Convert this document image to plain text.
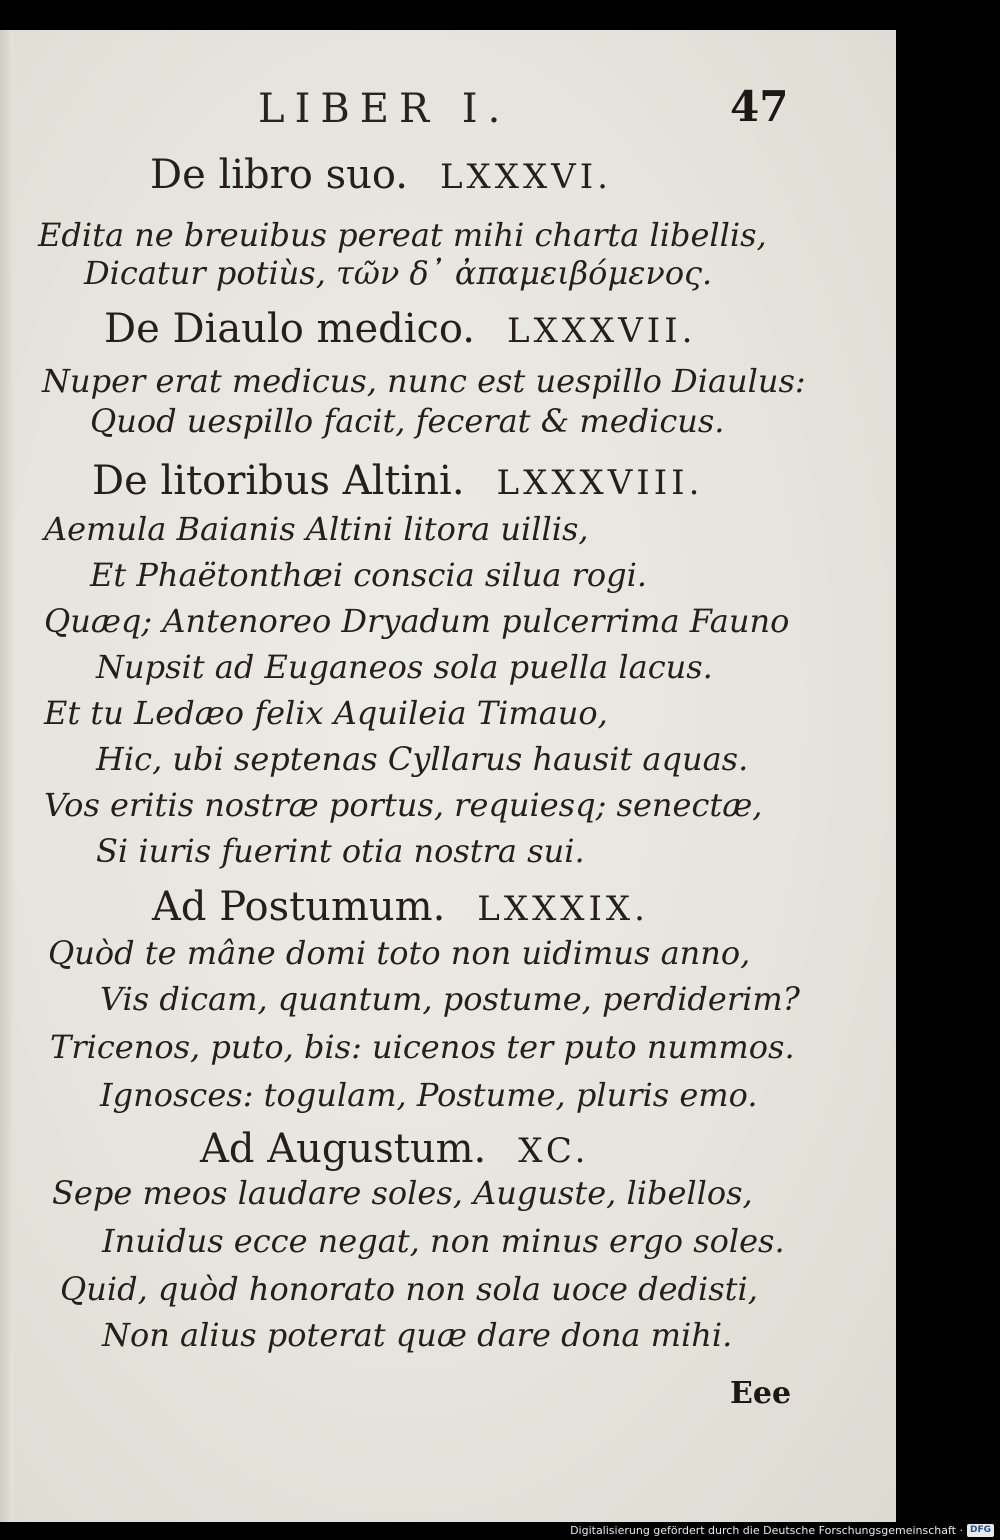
LIBER I.	47
De libro suo. LXXXVI.
Edita ne breuibus pereat mihi charta libellis,
Dicatur potiùs, τῶν δ᾽ ἀπαμειβόμενος.
De Diaulo medico. LXXXVII.
Nuper erat medicus, nunc est uespillo Diaulus:
Quod uespillo facit, fecerat & medicus.
De litoribus Altini. LXXXVIII.
Aemula Baianis Altini litora uillis,
Et Phaëtonthæi conscia silua rogi.
Quæq; Antenoreo Dryadum pulcerrima Fauno
Nupsit ad Euganeos sola puella lacus.
Et tu Ledæo felix Aquileia Timauo,
Hic, ubi septenas Cyllarus hausit aquas.
Vos eritis nostræ portus, requiesq; senectæ,
Si iuris fuerint otia nostra sui.
Ad Postumum. LXXXIX.
Quòd te mâne domi toto non uidimus anno,
Vis dicam, quantum, postume, perdiderim?
Tricenos, puto, bis: uicenos ter puto nummos.
Ignosces: togulam, Postume, pluris emo.
Ad Augustum. XC.
Sepe meos laudare soles, Auguste, libellos,
Inuidus ecce negat, non minus ergo soles.
Quid, quòd honorato non sola uoce dedisti,
Non alius poterat quæ dare dona mihi.
Eee
Digitalisierung gefördert durch die Deutsche Forschungsgemeinschaft · DFG
